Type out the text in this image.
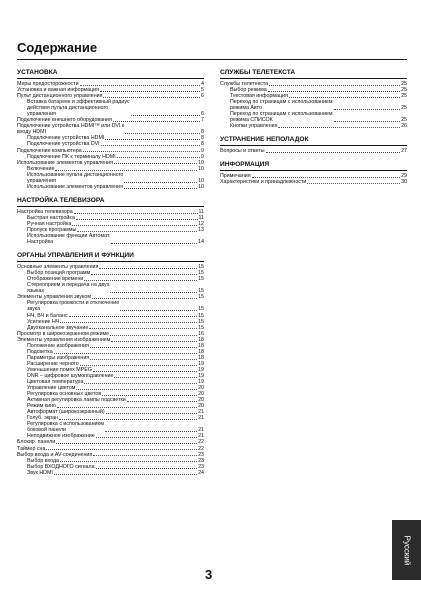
Содержание
УСТАНОВКА
Меры предосторожности	4
Установка и важная информация	5
Пульт дистанционного управления	6
Вставка батареек и эффективный радиус
действия пульта дистанционного
управления	6
Подключение внешнего оборудования	7
Подключение устройства HDMI™ или DVI к
входу HDMI	8
Подключение устройства HDMI	8
Подключение устройства DVI	8
Подключение компьютера	9
Подключение ПК к терминалу HDMI	9
Использование элементов управления	10
Включение	10
Использование пульта дистанционного
управления	10
Использование элементов управления	10
НАСТРОЙКА ТЕЛЕВИЗОРА
Настройка телевизора	11
Быстрая настройка	11
Ручная настройка	12
Пропуск программы	13
Использование функции Автомат.
Настройка	14
ОРГАНЫ УПРАВЛЕНИЯ И ФУНКЦИИ
Основные элементы управления	15
Выбор позиций программ	15
Отображение времени	15
Стереоприем и передача на двух
языках	15
Элементы управления звуком	15
Регулировка громкости и отключение
звука	15
НЧ, ВЧ и баланс	15
Усиление НЧ	15
Двухканальное звучание	15
Просмотр в широкоэкранном режиме	16
Элементы управления изображением	18
Положение изображения	18
Подсветка	18
Параметры изображения	18
Расширение черного	19
Уменьшение помех MPEG	19
DNR – цифровое шумоподавление	19
Цветовая температура	19
Управление цветом	20
Регулировка основных цветов	20
Активная регулировка лампы подсветки	20
Режим кино	20
Автоформат (широкоэкранный)	21
Голуб. экран	21
Регулировка с использованием
боковой панели	21
Неподвижное изображение	21
Блокир. панели	22
Таймер сна	22
Выбор входа и AV-соединения	23
Выбор входа	23
Выбор ВХОДНОГО сигнала	23
Звук HDMI	24
СЛУЖБЫ ТЕЛЕТЕКСТА
Службы телетекста	25
Выбор режима	25
Текстовая информация	25
Переход по страницам с использованием
режима Авто	25
Переход по страницам с использованием
режима СПИСОК	25
Кнопки управления	26
УСТРАНЕНИЕ НЕПОЛАДОК
Вопросы и ответы	27
ИНФОРМАЦИЯ
Примечания	29
Характеристики и принадлежности	30
Русский
3
